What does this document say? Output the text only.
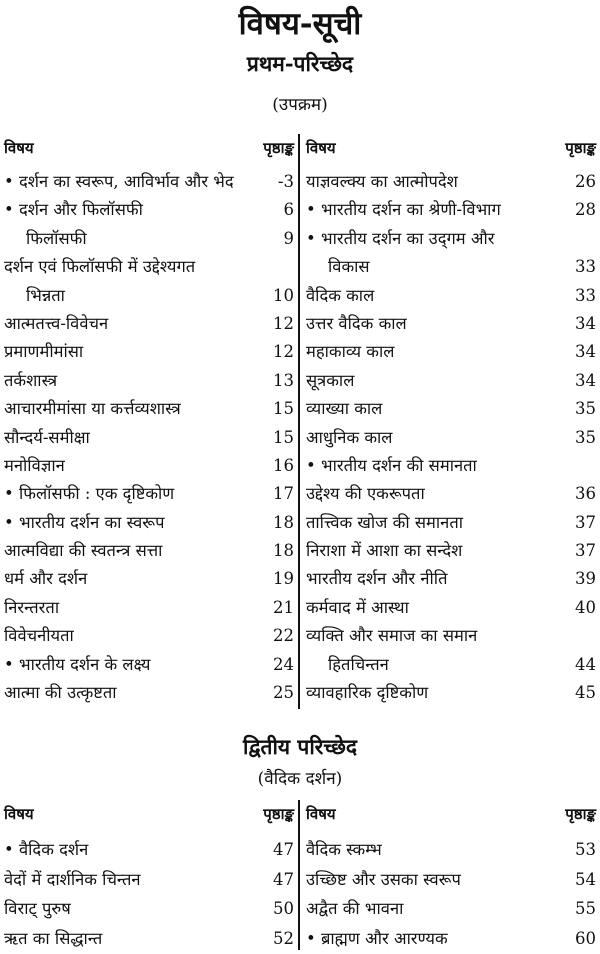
विषय-सूची
प्रथम-परिच्छेद
(उपक्रम)
विषय	पृष्ठाङ्क
• दर्शन का स्वरूप, आविर्भाव और भेद	- 3
• दर्शन और फिलॉसफी	6
फिलॉसफी	9
दर्शन एवं फिलॉसफी में उद्देश्यगत
भिन्नता	10
आत्मतत्त्व-विवेचन	12
प्रमाणमीमांसा	12
तर्कशास्त्र	13
आचारमीमांसा या कर्त्तव्यशास्त्र	15
सौन्दर्य-समीक्षा	15
मनोविज्ञान	16
• फिलॉसफी : एक दृष्टिकोण	17
• भारतीय दर्शन का स्वरूप	18
आत्मविद्या की स्वतन्त्र सत्ता	18
धर्म और दर्शन	19
निरन्तरता	21
विवेचनीयता	22
• भारतीय दर्शन के लक्ष्य	24
आत्मा की उत्कृष्टता	25
विषय	पृष्ठाङ्क
याज्ञवल्क्य का आत्मोपदेश	26
• भारतीय दर्शन का श्रेणी-विभाग	28
• भारतीय दर्शन का उद्‌गम और
विकास	33
वैदिक काल	33
उत्तर वैदिक काल	34
महाकाव्य काल	34
सूत्रकाल	34
व्याख्या काल	35
आधुनिक काल	35
• भारतीय दर्शन की समानता
उद्देश्य की एकरूपता	36
तात्त्विक खोज की समानता	37
निराशा में आशा का सन्देश	37
भारतीय दर्शन और नीति	39
कर्मवाद में आस्था	40
व्यक्ति और समाज का समान
हितचिन्तन	44
व्यावहारिक दृष्टिकोण	45
द्वितीय परिच्छेद
(वैदिक दर्शन)
विषय	पृष्ठाङ्क
• वैदिक दर्शन	47
वेदों में दार्शनिक चिन्तन	47
विराट् पुरुष	50
ऋत का सिद्धान्त	52
विषय	पृष्ठाङ्क
वैदिक स्कम्भ	53
उच्छिष्ट और उसका स्वरूप	54
अद्वैत की भावना	55
• ब्राह्मण और आरण्यक	60
